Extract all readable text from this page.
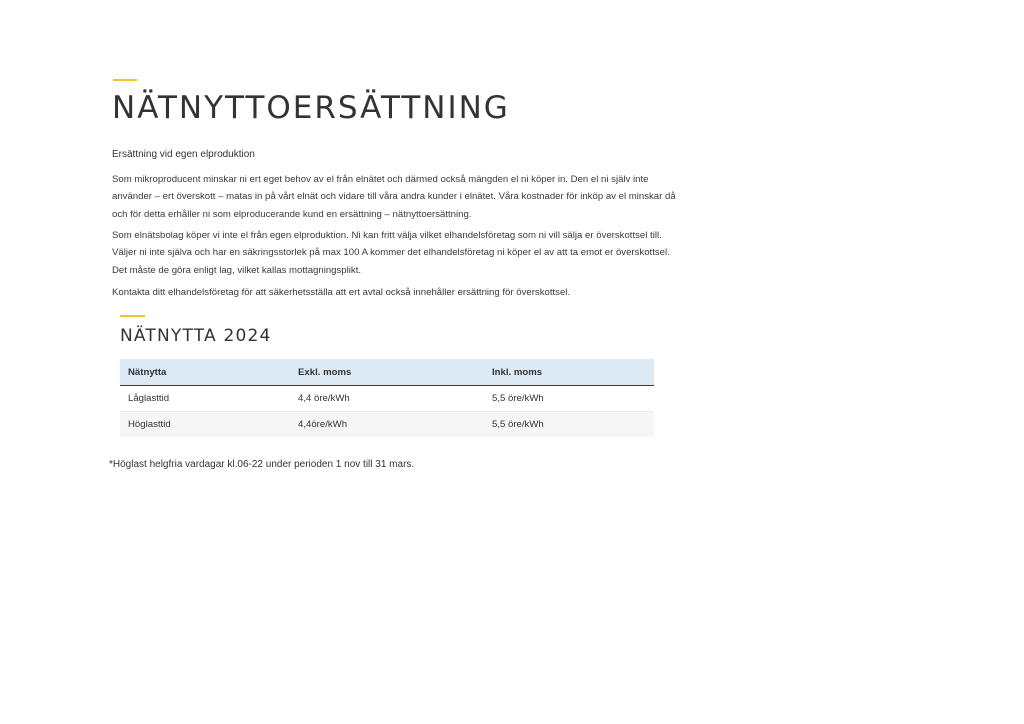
NÄTNYTTOERSÄTTNING

Ersättning vid egen elproduktion

Som mikroproducent minskar ni ert eget behov av el från elnätet och därmed också mängden el ni köper in. Den el ni själv inte använder – ert överskott – matas in på vårt elnät och vidare till våra andra kunder i elnätet. Våra kostnader för inköp av el minskar då och för detta erhåller ni som elproducerande kund en ersättning – nätnyttoersättning.

Som elnätsbolag köper vi inte el från egen elproduktion. Ni kan fritt välja vilket elhandelsföretag som ni vill sälja er överskottsel till. Väljer ni inte själva och har en säkringsstorlek på max 100 A kommer det elhandelsföretag ni köper el av att ta emot er överskottsel. Det måste de göra enligt lag, vilket kallas mottagningsplikt.

Kontakta ditt elhandelsföretag för att säkerhetsställa att ert avtal också innehåller ersättning för överskottsel.

NÄTNYTTA 2024
Nätnytta	Exkl. moms	Inkl. moms
Låglasttid	4,4 öre/kWh	5,5 öre/kWh
Höglasttid	4,4öre/kWh	5,5 öre/kWh

*Höglast helgfria vardagar kl.06-22 under perioden 1 nov till 31 mars.
